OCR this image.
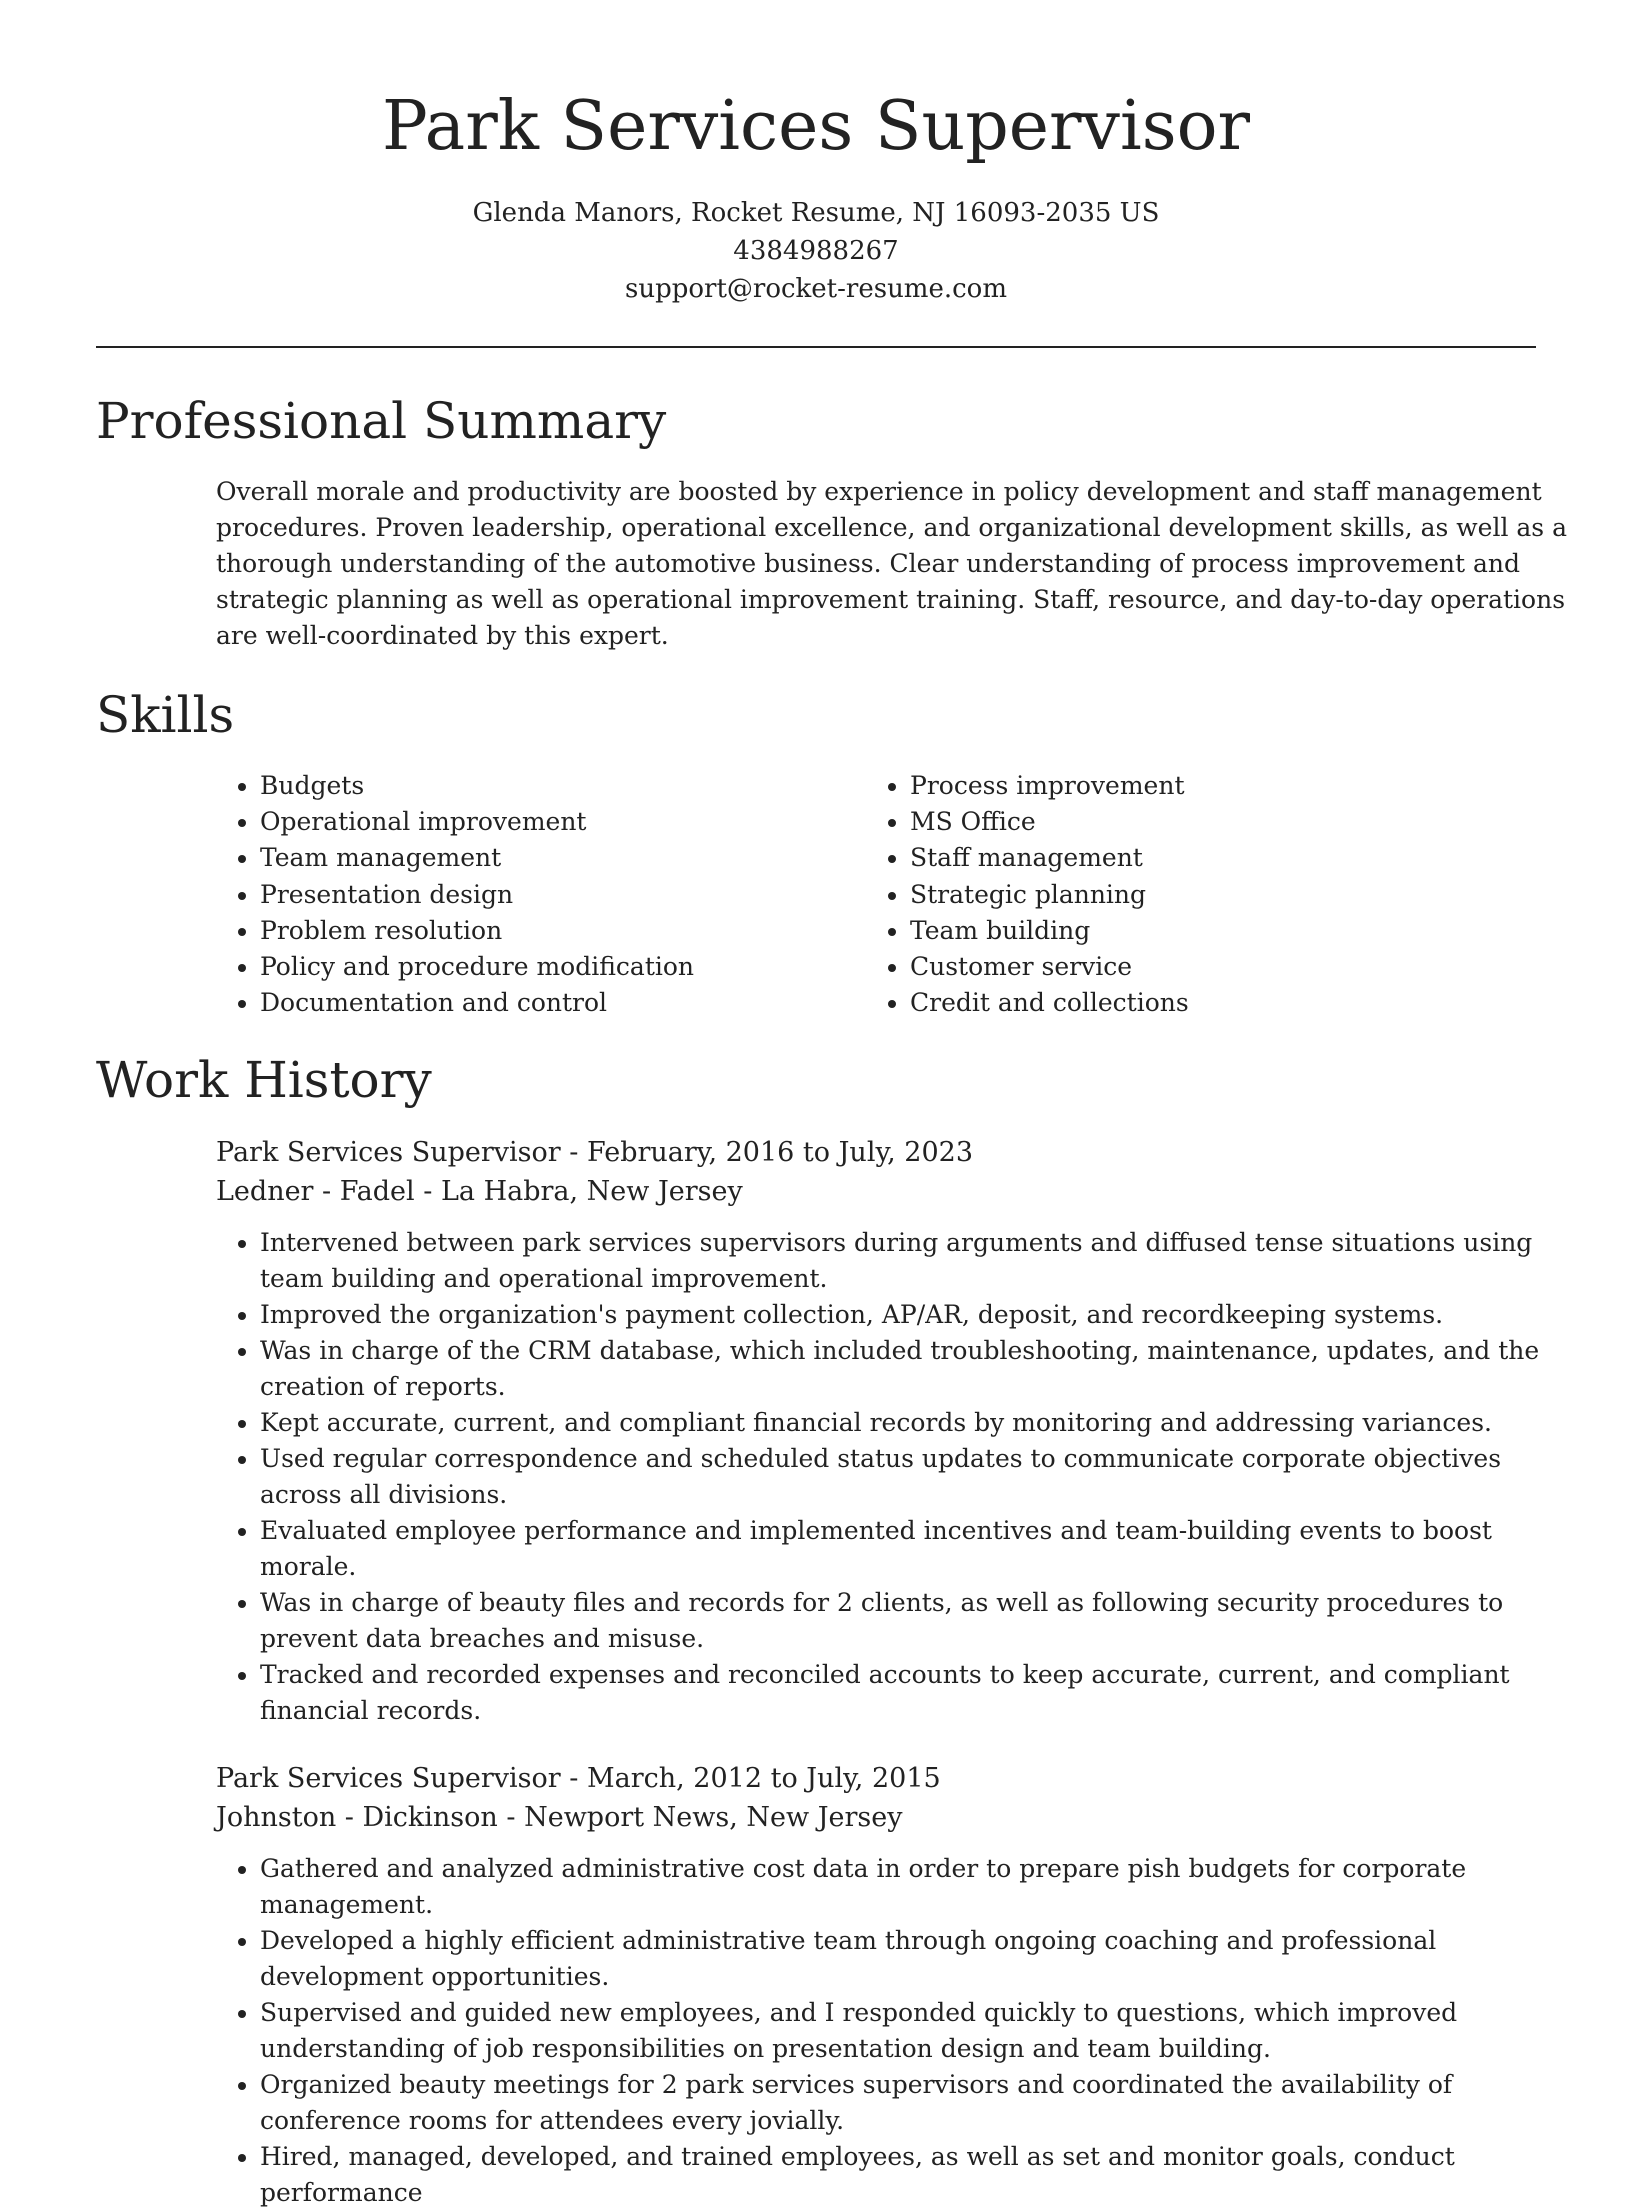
Park Services Supervisor
Glenda Manors, Rocket Resume, NJ 16093-2035 US
4384988267
support@rocket-resume.com
Professional Summary

Overall morale and productivity are boosted by experience in policy development and staff management procedures. Proven leadership, operational excellence, and organizational development skills, as well as a thorough understanding of the automotive business. Clear understanding of process improvement and strategic planning as well as operational improvement training. Staff, resource, and day-to-day operations are well-coordinated by this expert.

Skills
• Budgets
• Operational improvement
• Team management
• Presentation design
• Problem resolution
• Policy and procedure modification
• Documentation and control
• Process improvement
• MS Office
• Staff management
• Strategic planning
• Team building
• Customer service
• Credit and collections
Work History
Park Services Supervisor - February, 2016 to July, 2023
Ledner - Fadel - La Habra, New Jersey
• Intervened between park services supervisors during arguments and diffused tense situations using team building and operational improvement.
• Improved the organization's payment collection, AP/AR, deposit, and recordkeeping systems.
• Was in charge of the CRM database, which included troubleshooting, maintenance, updates, and the creation of reports.
• Kept accurate, current, and compliant financial records by monitoring and addressing variances.
• Used regular correspondence and scheduled status updates to communicate corporate objectives across all divisions.
• Evaluated employee performance and implemented incentives and team-building events to boost morale.
• Was in charge of beauty files and records for 2 clients, as well as following security procedures to prevent data breaches and misuse.
• Tracked and recorded expenses and reconciled accounts to keep accurate, current, and compliant financial records.
Park Services Supervisor - March, 2012 to July, 2015
Johnston - Dickinson - Newport News, New Jersey
• Gathered and analyzed administrative cost data in order to prepare pish budgets for corporate management.
• Developed a highly efficient administrative team through ongoing coaching and professional development opportunities.
• Supervised and guided new employees, and I responded quickly to questions, which improved understanding of job responsibilities on presentation design and team building.
• Organized beauty meetings for 2 park services supervisors and coordinated the availability of conference rooms for attendees every jovially.
• Hired, managed, developed, and trained employees, as well as set and monitor goals, conduct performance
